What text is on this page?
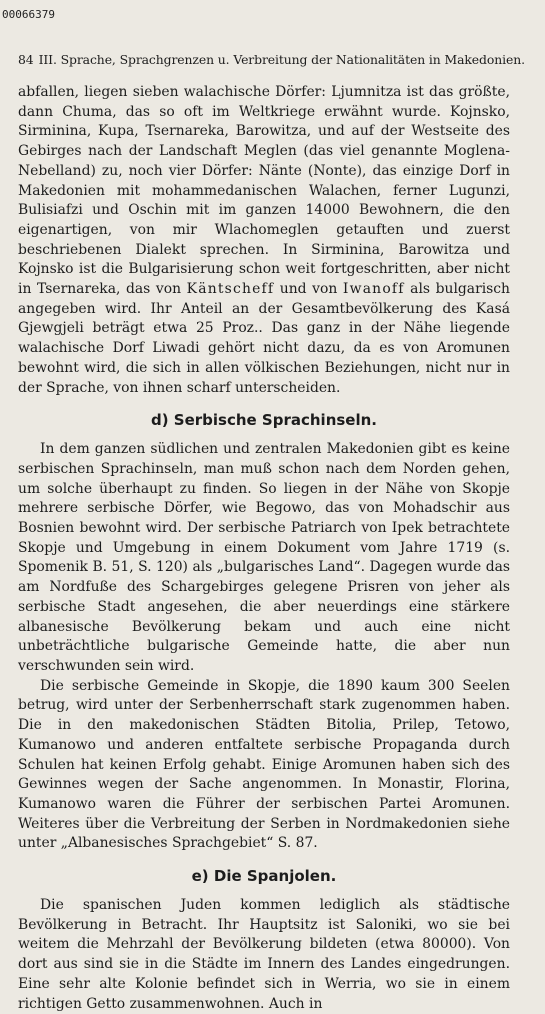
00066379
84 III. Sprache, Sprachgrenzen u. Verbreitung der Nationalitäten in Makedonien.

abfallen, liegen sieben walachische Dörfer: Ljumnitza ist das größte, dann Chuma, das so oft im Weltkriege erwähnt wurde. Kojnsko, Sirminina, Kupa, Tsernareka, Barowitza, und auf der Westseite des Gebirges nach der Landschaft Meglen (das viel genannte Moglena-Nebelland) zu, noch vier Dörfer: Nänte (Nonte), das einzige Dorf in Makedonien mit mohammedanischen Walachen, ferner Lugunzi, Bulisiafzi und Oschin mit im ganzen 14000 Bewohnern, die den eigenartigen, von mir Wlachomeglen getauften und zuerst beschriebenen Dialekt sprechen. In Sirminina, Barowitza und Kojnsko ist die Bulgarisierung schon weit fortgeschritten, aber nicht in Tsernareka, das von Käntscheff und von Iwanoff als bulgarisch angegeben wird. Ihr Anteil an der Gesamtbevölkerung des Kasá Gjewgjeli beträgt etwa 25 Proz.. Das ganz in der Nähe liegende walachische Dorf Liwadi gehört nicht dazu, da es von Aromunen bewohnt wird, die sich in allen völkischen Beziehungen, nicht nur in der Sprache, von ihnen scharf unterscheiden.

d) Serbische Sprachinseln.

In dem ganzen südlichen und zentralen Makedonien gibt es keine serbischen Sprachinseln, man muß schon nach dem Norden gehen, um solche überhaupt zu finden. So liegen in der Nähe von Skopje mehrere serbische Dörfer, wie Begowo, das von Mohadschir aus Bosnien bewohnt wird. Der serbische Patriarch von Ipek betrachtete Skopje und Umgebung in einem Dokument vom Jahre 1719 (s. Spomenik B. 51, S. 120) als „bulgarisches Land“. Dagegen wurde das am Nordfuße des Schargebirges gelegene Prisren von jeher als serbische Stadt angesehen, die aber neuerdings eine stärkere albanesische Bevölkerung bekam und auch eine nicht unbeträchtliche bulgarische Gemeinde hatte, die aber nun verschwunden sein wird.

Die serbische Gemeinde in Skopje, die 1890 kaum 300 Seelen betrug, wird unter der Serbenherrschaft stark zugenommen haben. Die in den makedonischen Städten Bitolia, Prilep, Tetowo, Kumanowo und anderen entfaltete serbische Propaganda durch Schulen hat keinen Erfolg gehabt. Einige Aromunen haben sich des Gewinnes wegen der Sache angenommen. In Monastir, Florina, Kumanowo waren die Führer der serbischen Partei Aromunen. Weiteres über die Verbreitung der Serben in Nordmakedonien siehe unter „Albanesisches Sprachgebiet“ S. 87.

e) Die Spanjolen.

Die spanischen Juden kommen lediglich als städtische Bevölkerung in Betracht. Ihr Hauptsitz ist Saloniki, wo sie bei weitem die Mehrzahl der Bevölkerung bildeten (etwa 80000). Von dort aus sind sie in die Städte im Innern des Landes eingedrungen. Eine sehr alte Kolonie befindet sich in Werria, wo sie in einem richtigen Getto zusammenwohnen. Auch in
